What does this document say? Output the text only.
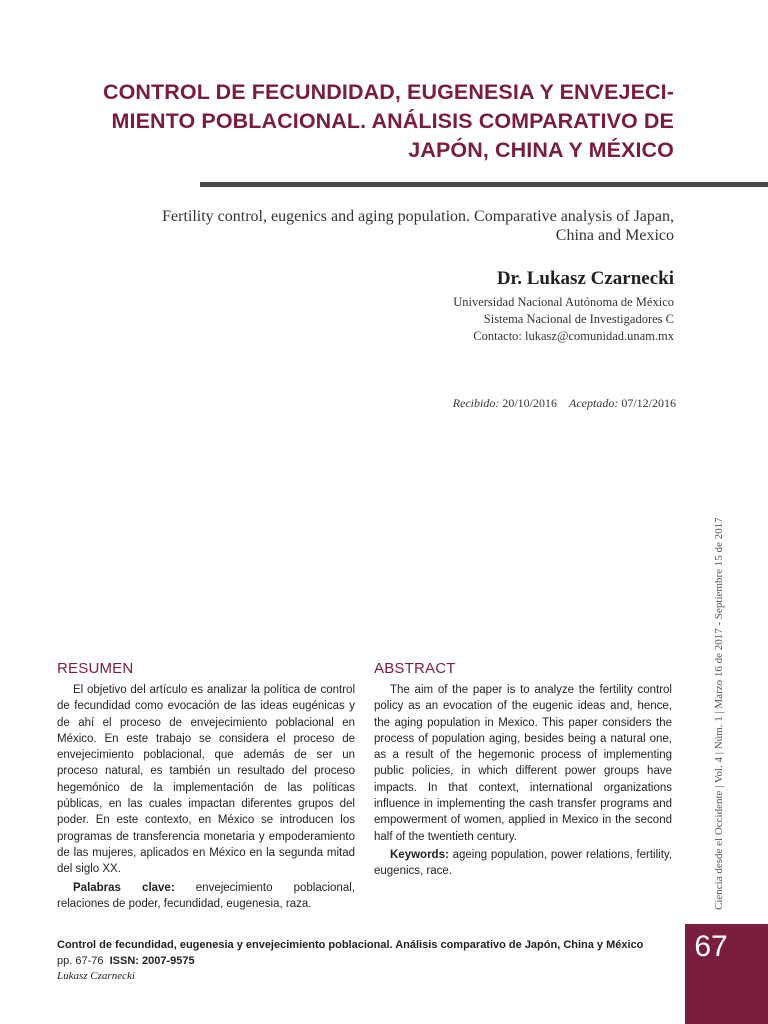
CONTROL DE FECUNDIDAD, EUGENESIA Y ENVEJECI-
MIENTO POBLACIONAL. ANÁLISIS COMPARATIVO DE
JAPÓN, CHINA Y MÉXICO
Fertility control, eugenics and aging population. Comparative analysis of Japan,
China and Mexico
Dr. Lukasz Czarnecki
Universidad Nacional Autónoma de México
Sistema Nacional de Investigadores C
Contacto: lukasz@comunidad.unam.mx
Recibido: 20/10/2016 Aceptado: 07/12/2016
Ciencia desde el Occidente | Vol. 4 | Núm. 1 | Marzo 16 de 2017 - Septiembre 15 de 2017
67
RESUMEN

El objetivo del artículo es analizar la política de control de fecundidad como evocación de las ideas eugénicas y de ahí el proceso de envejecimiento poblacional en México. En este trabajo se considera el proceso de envejecimiento poblacional, que además de ser un proceso natural, es también un resultado del proceso hegemónico de la implementación de las políticas públicas, en las cuales impactan diferentes grupos del poder. En este contexto, en México se introducen los programas de transferencia monetaria y empoderamiento de las mujeres, aplicados en México en la segunda mitad del siglo XX.

Palabras clave: envejecimiento poblacional, relaciones de poder, fecundidad, eugenesia, raza.

ABSTRACT

The aim of the paper is to analyze the fertility control policy as an evocation of the eugenic ideas and, hence, the aging population in Mexico. This paper considers the process of population aging, besides being a natural one, as a result of the hegemonic process of implementing public policies, in which different power groups have impacts. In that context, international organizations influence in implementing the cash transfer programs and empowerment of women, applied in Mexico in the second half of the twentieth century.

Keywords: ageing population, power relations, fertility, eugenics, race.

Control de fecundidad, eugenesia y envejecimiento poblacional. Análisis comparativo de Japón, China y México
pp. 67-76 ISSN: 2007-9575
Lukasz Czarnecki
